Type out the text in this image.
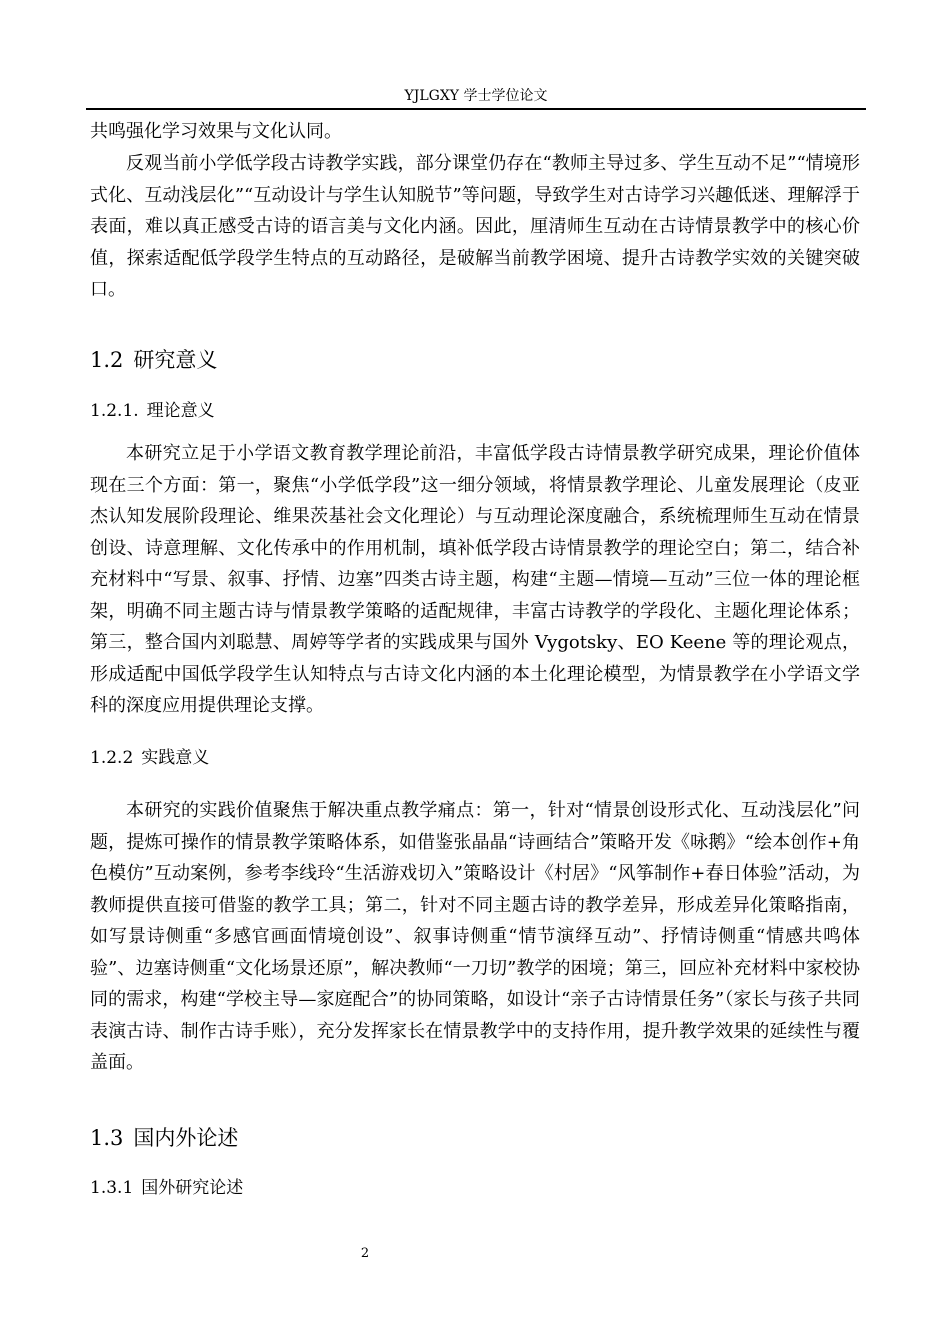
YJLGXY 学士学位论文

共鸣强化学习效果与文化认同。

反观当前小学低学段古诗教学实践，部分课堂仍存在“教师主导过多、学生互动不足”“情境形式化、互动浅层化”“互动设计与学生认知脱节”等问题，导致学生对古诗学习兴趣低迷、理解浮于表面，难以真正感受古诗的语言美与文化内涵。因此，厘清师生互动在古诗情景教学中的核心价值，探索适配低学段学生特点的互动路径，是破解当前教学困境、提升古诗教学实效的关键突破口。

1.2 研究意义
1.2.1. 理论意义

本研究立足于小学语文教育教学理论前沿，丰富低学段古诗情景教学研究成果，理论价值体现在三个方面：第一，聚焦“小学低学段”这一细分领域，将情景教学理论、儿童发展理论（皮亚杰认知发展阶段理论、维果茨基社会文化理论）与互动理论深度融合，系统梳理师生互动在情景创设、诗意理解、文化传承中的作用机制，填补低学段古诗情景教学的理论空白；第二，结合补充材料中“写景、叙事、抒情、边塞”四类古诗主题，构建“主题—情境—互动”三位一体的理论框架，明确不同主题古诗与情景教学策略的适配规律，丰富古诗教学的学段化、主题化理论体系；第三，整合国内刘聪慧、周婷等学者的实践成果与国外 Vygotsky、EO Keene 等的理论观点，形成适配中国低学段学生认知特点与古诗文化内涵的本土化理论模型，为情景教学在小学语文学科的深度应用提供理论支撑。

1.2.2 实践意义

本研究的实践价值聚焦于解决重点教学痛点：第一，针对“情景创设形式化、互动浅层化”问题，提炼可操作的情景教学策略体系，如借鉴张晶晶“诗画结合”策略开发《咏鹅》“绘本创作+角色模仿”互动案例，参考李线玲“生活游戏切入”策略设计《村居》“风筝制作+春日体验”活动，为教师提供直接可借鉴的教学工具；第二，针对不同主题古诗的教学差异，形成差异化策略指南，如写景诗侧重“多感官画面情境创设”、叙事诗侧重“情节演绎互动”、抒情诗侧重“情感共鸣体验”、边塞诗侧重“文化场景还原”，解决教师“一刀切”教学的困境；第三，回应补充材料中家校协同的需求，构建“学校主导—家庭配合”的协同策略，如设计“亲子古诗情景任务”（家长与孩子共同表演古诗、制作古诗手账），充分发挥家长在情景教学中的支持作用，提升教学效果的延续性与覆盖面。

1.3 国内外论述
1.3.1 国外研究论述
2
